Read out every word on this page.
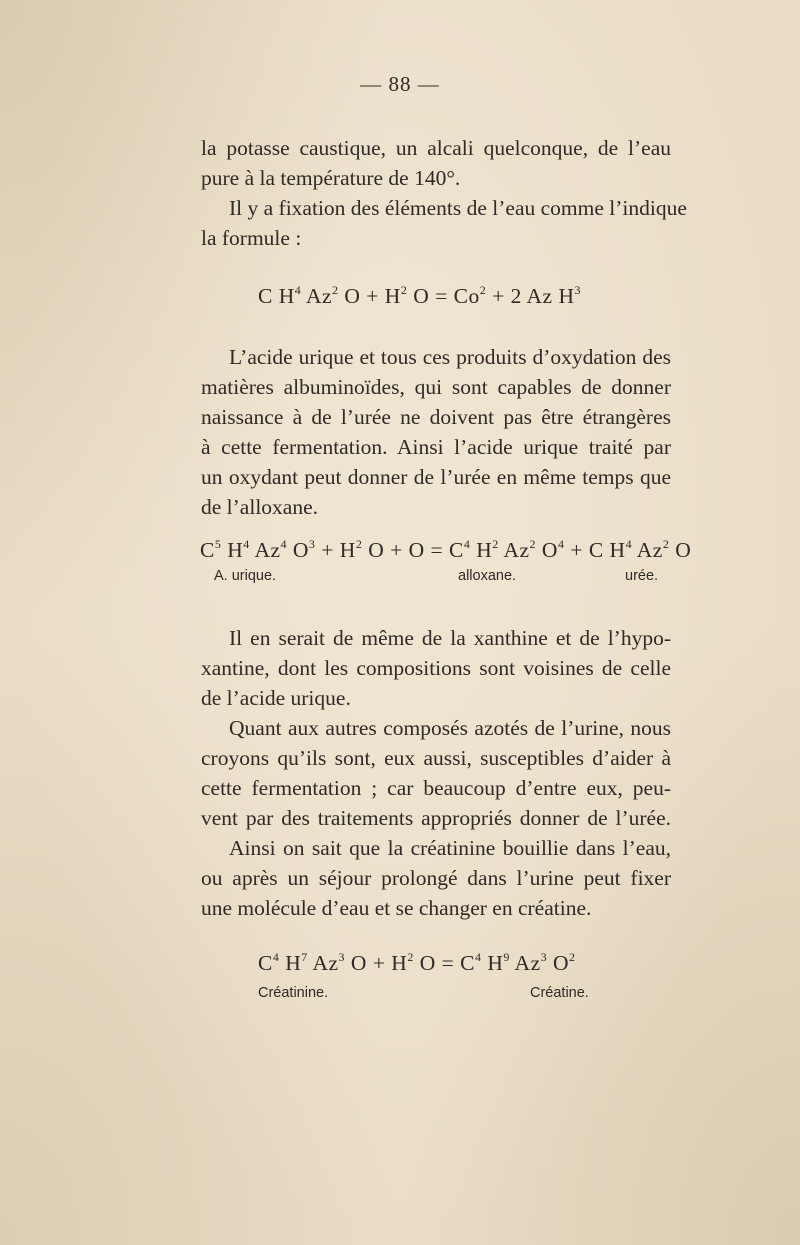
— 88 —
la potasse caustique, un alcali quelconque, de l’eau
pure à la température de 140°.
Il y a fixation des éléments de l’eau comme l’indique
la formule :
C $H^4$ Az$^2$ $O + H^2$ $O = Co^2 + 2$ Az $H^3$
L’acide urique et tous ces produits d’oxydation des
matières albuminoïdes, qui sont capables de donner
naissance à de l’urée ne doivent pas être étrangères
à cette fermentation. Ainsi l’acide urique traité par
un oxydant peut donner de l’urée en même temps que
de l’alloxane.
$C^5$ $H^4$ Az$^4$ $O^3 + H^2$ $O + O = C^4$ $H^2$ Az$^2$ $O^4 + C$ $H^4$ Az$^2$ O
A. urique.	alloxane.	urée.
Il en serait de même de la xanthine et de l’hypo-
xantine, dont les compositions sont voisines de celle
de l’acide urique.
Quant aux autres composés azotés de l’urine, nous
croyons qu’ils sont, eux aussi, susceptibles d’aider à
cette fermentation ; car beaucoup d’entre eux, peu-
vent par des traitements appropriés donner de l’urée.
Ainsi on sait que la créatinine bouillie dans l’eau,
ou après un séjour prolongé dans l’urine peut fixer
une molécule d’eau et se changer en créatine.
$C^4$ $H^7$ Az$^3$ $O + H^2$ $O = C^4$ $H^9$ Az$^3$ $O^2$
Créatinine.	Créatine.
